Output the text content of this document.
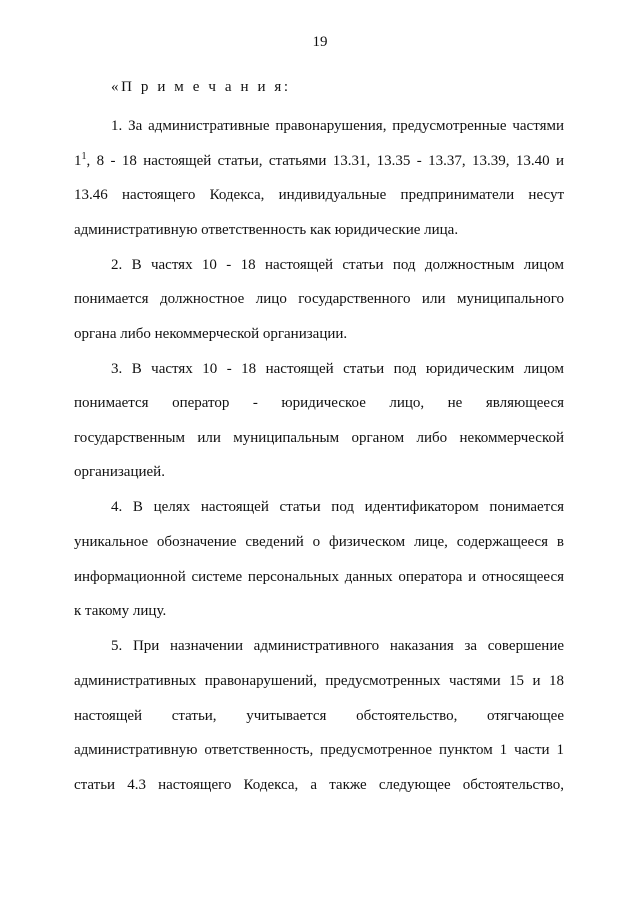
19
«П р и м е ч а н и я:
1. За административные правонарушения, предусмотренные частями
1$^1$, 8 - 18 настоящей статьи, статьями 13.31, 13.35 - 13.37, 13.39, 13.40 и
13.46 настоящего Кодекса, индивидуальные предприниматели несут
административную ответственность как юридические лица.
2. В частях 10 - 18 настоящей статьи под должностным лицом
понимается должностное лицо государственного или муниципального
органа либо некоммерческой организации.
3. В частях 10 - 18 настоящей статьи под юридическим лицом
понимается оператор - юридическое лицо, не являющееся
государственным или муниципальным органом либо некоммерческой
организацией.
4. В целях настоящей статьи под идентификатором понимается
уникальное обозначение сведений о физическом лице, содержащееся в
информационной системе персональных данных оператора и относящееся
к такому лицу.
5. При назначении административного наказания за совершение
административных правонарушений, предусмотренных частями 15 и 18
настоящей статьи, учитывается обстоятельство, отягчающее
административную ответственность, предусмотренное пунктом 1 части 1
статьи 4.3 настоящего Кодекса, а также следующее обстоятельство,
